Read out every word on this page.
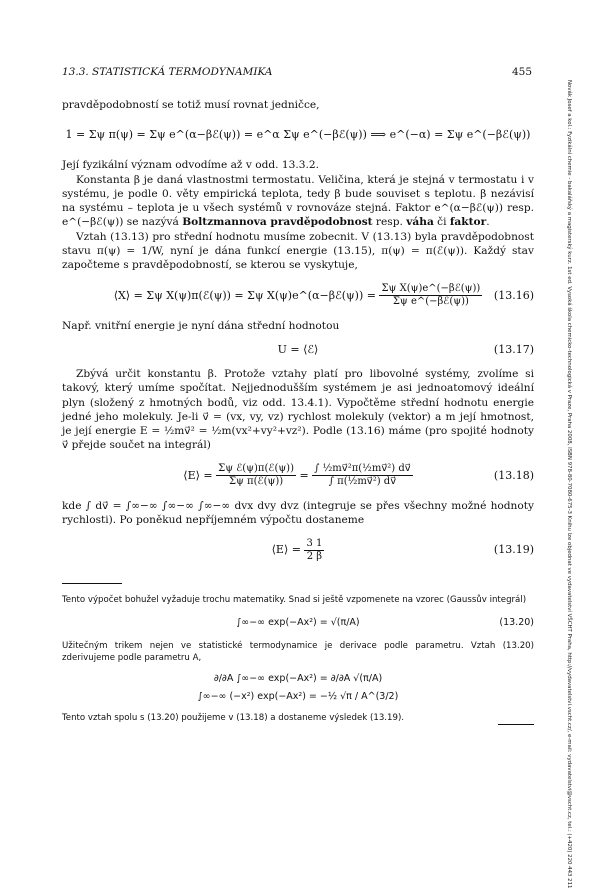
13.3. STATISTICKÁ TERMODYNAMIKA	455

pravděpodobností se totiž musí rovnat jedničce,

1 = Σψ π(ψ) = Σψ e^(α−βℰ(ψ)) = e^α Σψ e^(−βℰ(ψ)) ⟹ e^(−α) = Σψ e^(−βℰ(ψ))

Její fyzikální význam odvodíme až v odd. 13.3.2.

Konstanta β je daná vlastnostmi termostatu. Veličina, která je stejná v termostatu i v systému, je podle 0. věty empirická teplota, tedy β bude souviset s teplotu. β nezávisí na systému – teplota je u všech systémů v rovnováze stejná. Faktor e^(α−βℰ(ψ)) resp. e^(−βℰ(ψ)) se nazývá Boltzmannova pravděpodobnost resp. váha či faktor.

Vztah (13.13) pro střední hodnotu musíme zobecnit. V (13.13) byla pravděpodobnost stavu π(ψ) = 1/W, nyní je dána funkcí energie (13.15), π(ψ) = π(ℰ(ψ)). Každý stav započteme s pravděpodobností, se kterou se vyskytuje,

⟨X⟩ = Σψ X(ψ)π(ℰ(ψ)) = Σψ X(ψ)e^(α−βℰ(ψ)) = $\frac{\text{Σψ X(ψ)e\textasciicircum{}(−βℰ(ψ))}}{\text{Σψ e\textasciicircum{}(−βℰ(ψ))}} (13.16)$

Např. vnitřní energie je nyní dána střední hodnotou

U = ⟨ℰ⟩	(13.17)

Zbývá určit konstantu β. Protože vztahy platí pro libovolné systémy, zvolíme si takový, který umíme spočítat. Nejjednodušším systémem je asi jednoatomový ideální plyn (složený z hmotných bodů, viz odd. 13.4.1). Vypočtěme střední hodnotu energie jedné jeho molekuly. Je-li v⃗ = (vx, vy, vz) rychlost molekuly (vektor) a m její hmotnost, je její energie E = ½mv⃗² = ½m(vx²+vy²+vz²). Podle (13.16) máme (pro spojité hodnoty v⃗ přejde součet na integrál)

⟨E⟩ = $\frac{\text{Σψ ℰ(ψ)π(ℰ(ψ))}}{\text{Σψ π(ℰ(ψ))}} = \frac{\text{∫ ½mv⃗²π(½mv⃗²) dv⃗}}{\text{∫ π(½mv⃗²) dv⃗}}$	(13.18)

kde ∫ dv⃗ = ∫∞−∞ ∫∞−∞ ∫∞−∞ dvx dvy dvz (integruje se přes všechny možné hodnoty rychlosti). Po poněkud nepříjemném výpočtu dostaneme

⟨E⟩ = $\frac{3 1}{2 \beta}$	(13.19)

Tento výpočet bohužel vyžaduje trochu matematiky. Snad si ještě vzpomenete na vzorec (Gaussův integrál)

∫∞−∞ exp(−Ax²) = √(π/A)	(13.20)

Užitečným trikem nejen ve statistické termodynamice je derivace podle parametru. Vztah (13.20) zderivujeme podle parametru A,

∂/∂A ∫∞−∞ exp(−Ax²) = ∂/∂A √(π/A)
∫∞−∞ (−x²) exp(−Ax²) = −½ √π / A^(3/2)

Tento vztah spolu s (13.20) použijeme v (13.18) a dostaneme výsledek (13.19).	Novák Josef a kol.: Fyzikální chemie - bakalářský a magisterský kurz. 1st ed. Vysoká škola chemicko-technologická v Praze, Praha 2008, ISBN 978-80-7080-675-3 Knihu lze objednat ve vydavatelství VŠCHT Praha, http://vydavatelstvi.vscht.cz/, e-mail: vydavatelstvi@vscht.cz, tel.: (+420) 220 443 211
